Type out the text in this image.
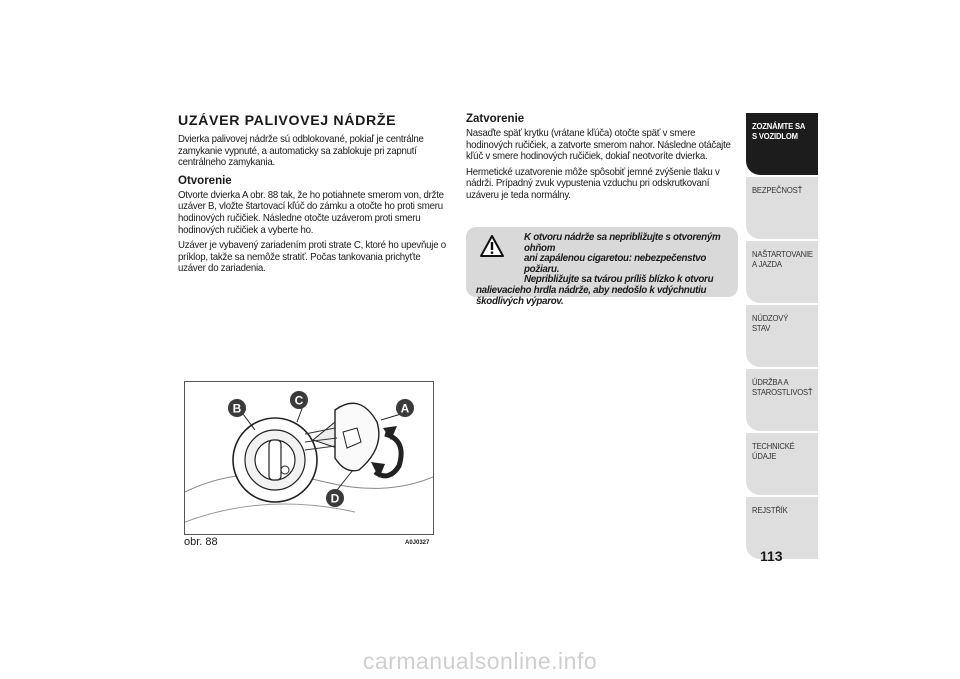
UZÁVER PALIVOVEJ NÁDRŽE

Dvierka palivovej nádrže sú odblokované, pokiaľ je centrálne zamykanie vypnuté, a automaticky sa zablokuje pri zapnutí centrálneho zamykania.

Otvorenie

Otvorte dvierka A obr. 88 tak, že ho potiahnete smerom von, držte uzáver B, vložte štartovací kľúč do zámku a otočte ho proti smeru hodinových ručičiek. Následne otočte uzáverom proti smeru hodinových ručičiek a vyberte ho.

Uzáver je vybavený zariadením proti strate C, ktoré ho upevňuje o príklop, takže sa nemôže stratiť. Počas tankovania prichyťte uzáver do zariadenia.

Zatvorenie

Nasaďte späť krytku (vrátane kľúča) otočte späť v smere hodinových ručičiek, a zatvorte smerom nahor. Následne otáčajte kľúč v smere hodinových ručičiek, dokiaľ neotvoríte dvierka.

Hermetické uzatvorenie môže spôsobiť jemné zvýšenie tlaku v nádrži. Prípadný zvuk vypustenia vzduchu pri odskrutkovaní uzáveru je teda normálny.

K otvoru nádrže sa nepribližujte s otvoreným ohňom
ani zapálenou cigaretou: nebezpečenstvo požiaru.
Nepribližujte sa tvárou príliš blízko k otvoru
nalievacieho hrdla nádrže, aby nedošlo k vdýchnutiu škodlivých výparov.
B
C
A
D
obr. 88	A0J0327
ZOZNÁMTE SA S VOZIDLOM
BEZPEČNOSŤ
NAŠTARTOVANIE A JAZDA
NÚDZOVÝ STAV
ÚDRŽBA A STAROSTLIVOSŤ
TECHNICKÉ ÚDAJE
REJSTŘÍK
113
carmanualsonline.info
